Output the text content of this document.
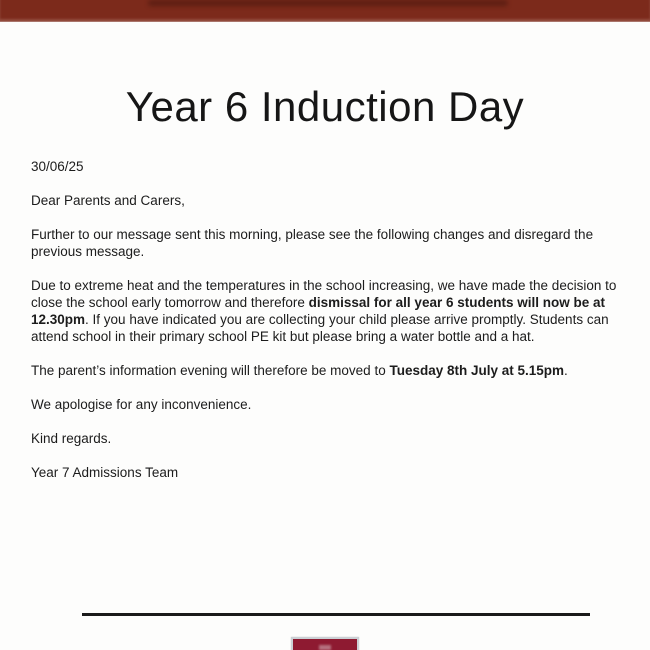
Year 6 Induction Day

30/06/25

Dear Parents and Carers,

Further to our message sent this morning, please see the following changes and disregard the previous message.

Due to extreme heat and the temperatures in the school increasing, we have made the decision to close the school early tomorrow and therefore dismissal for all year 6 students will now be at 12.30pm. If you have indicated you are collecting your child please arrive promptly. Students can attend school in their primary school PE kit but please bring a water bottle and a hat.

The parent’s information evening will therefore be moved to Tuesday 8th July at 5.15pm.

We apologise for any inconvenience.

Kind regards.

Year 7 Admissions Team
